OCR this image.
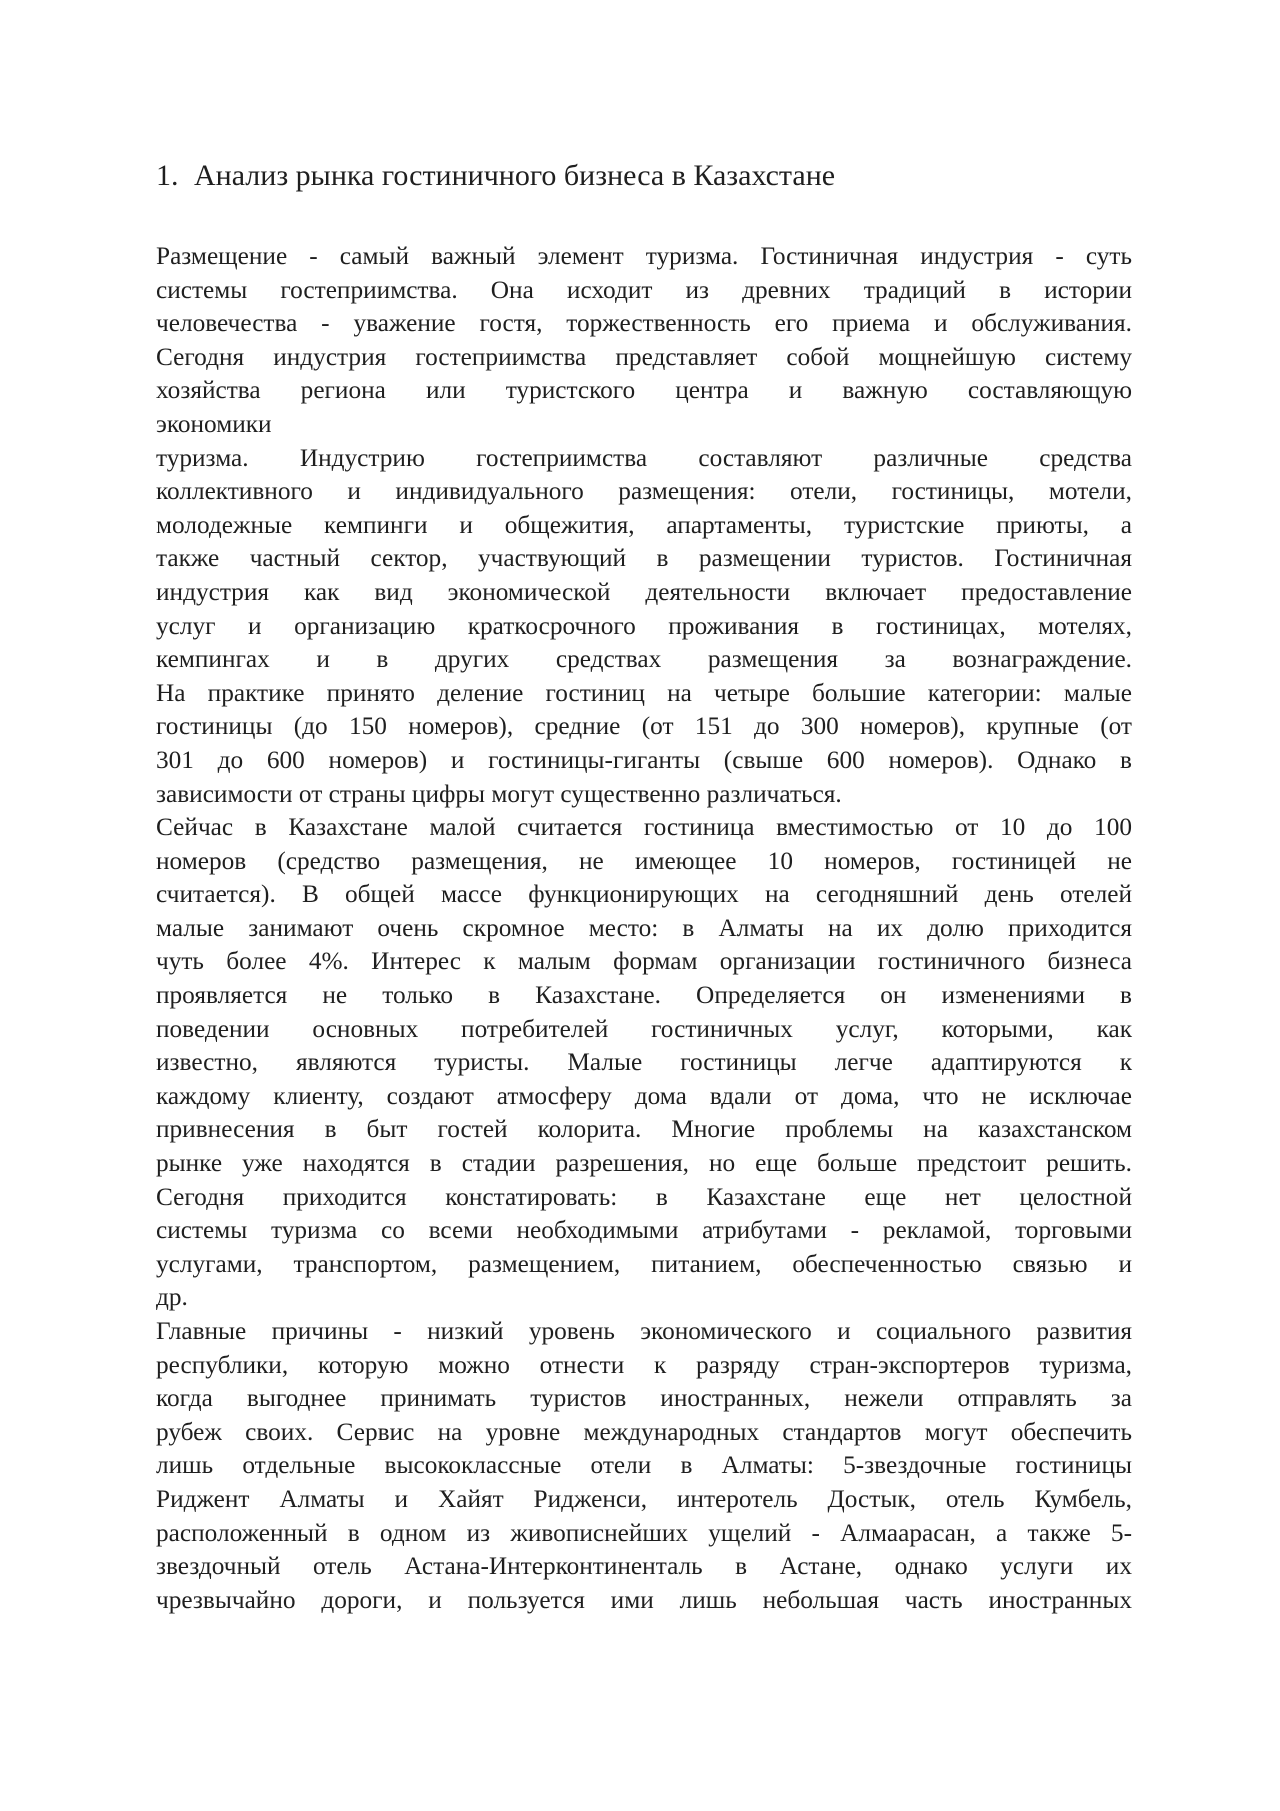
1. Анализ рынка гостиничного бизнеса в Казахстане
Размещение - самый важный элемент туризма. Гостиничная индустрия - суть
системы гостеприимства. Она исходит из древних традиций в истории
человечества - уважение гостя, торжественность его приема и обслуживания.
Сегодня индустрия гостеприимства представляет собой мощнейшую систему
хозяйства региона или туристского центра и важную составляющую
экономики
туризма. Индустрию гостеприимства составляют различные средства
коллективного и индивидуального размещения: отели, гостиницы, мотели,
молодежные кемпинги и общежития, апартаменты, туристские приюты, а
также частный сектор, участвующий в размещении туристов. Гостиничная
индустрия как вид экономической деятельности включает предоставление
услуг и организацию краткосрочного проживания в гостиницах, мотелях,
кемпингах и в других средствах размещения за вознаграждение.
На практике принято деление гостиниц на четыре большие категории: малые
гостиницы (до 150 номеров), средние (от 151 до 300 номеров), крупные (от
301 до 600 номеров) и гостиницы-гиганты (свыше 600 номеров). Однако в
зависимости от страны цифры могут существенно различаться.
Сейчас в Казахстане малой считается гостиница вместимостью от 10 до 100
номеров (средство размещения, не имеющее 10 номеров, гостиницей не
считается). В общей массе функционирующих на сегодняшний день отелей
малые занимают очень скромное место: в Алматы на их долю приходится
чуть более 4%. Интерес к малым формам организации гостиничного бизнеса
проявляется не только в Казахстане. Определяется он изменениями в
поведении основных потребителей гостиничных услуг, которыми, как
известно, являются туристы. Малые гостиницы легче адаптируются к
каждому клиенту, создают атмосферу дома вдали от дома, что не исключае
привнесения в быт гостей колорита. Многие проблемы на казахстанском
рынке уже находятся в стадии разрешения, но еще больше предстоит решить.
Сегодня приходится констатировать: в Казахстане еще нет целостной
системы туризма со всеми необходимыми атрибутами - рекламой, торговыми
услугами, транспортом, размещением, питанием, обеспеченностью связью и
др.
Главные причины - низкий уровень экономического и социального развития
республики, которую можно отнести к разряду стран-экспортеров туризма,
когда выгоднее принимать туристов иностранных, нежели отправлять за
рубеж своих. Сервис на уровне международных стандартов могут обеспечить
лишь отдельные высококлассные отели в Алматы: 5-звездочные гостиницы
Риджент Алматы и Хайят Ридженси, интеротель Достык, отель Кумбель,
расположенный в одном из живописнейших ущелий - Алмаарасан, а также 5-
звездочный отель Астана-Интерконтиненталь в Астане, однако услуги их
чрезвычайно дороги, и пользуется ими лишь небольшая часть иностранных
